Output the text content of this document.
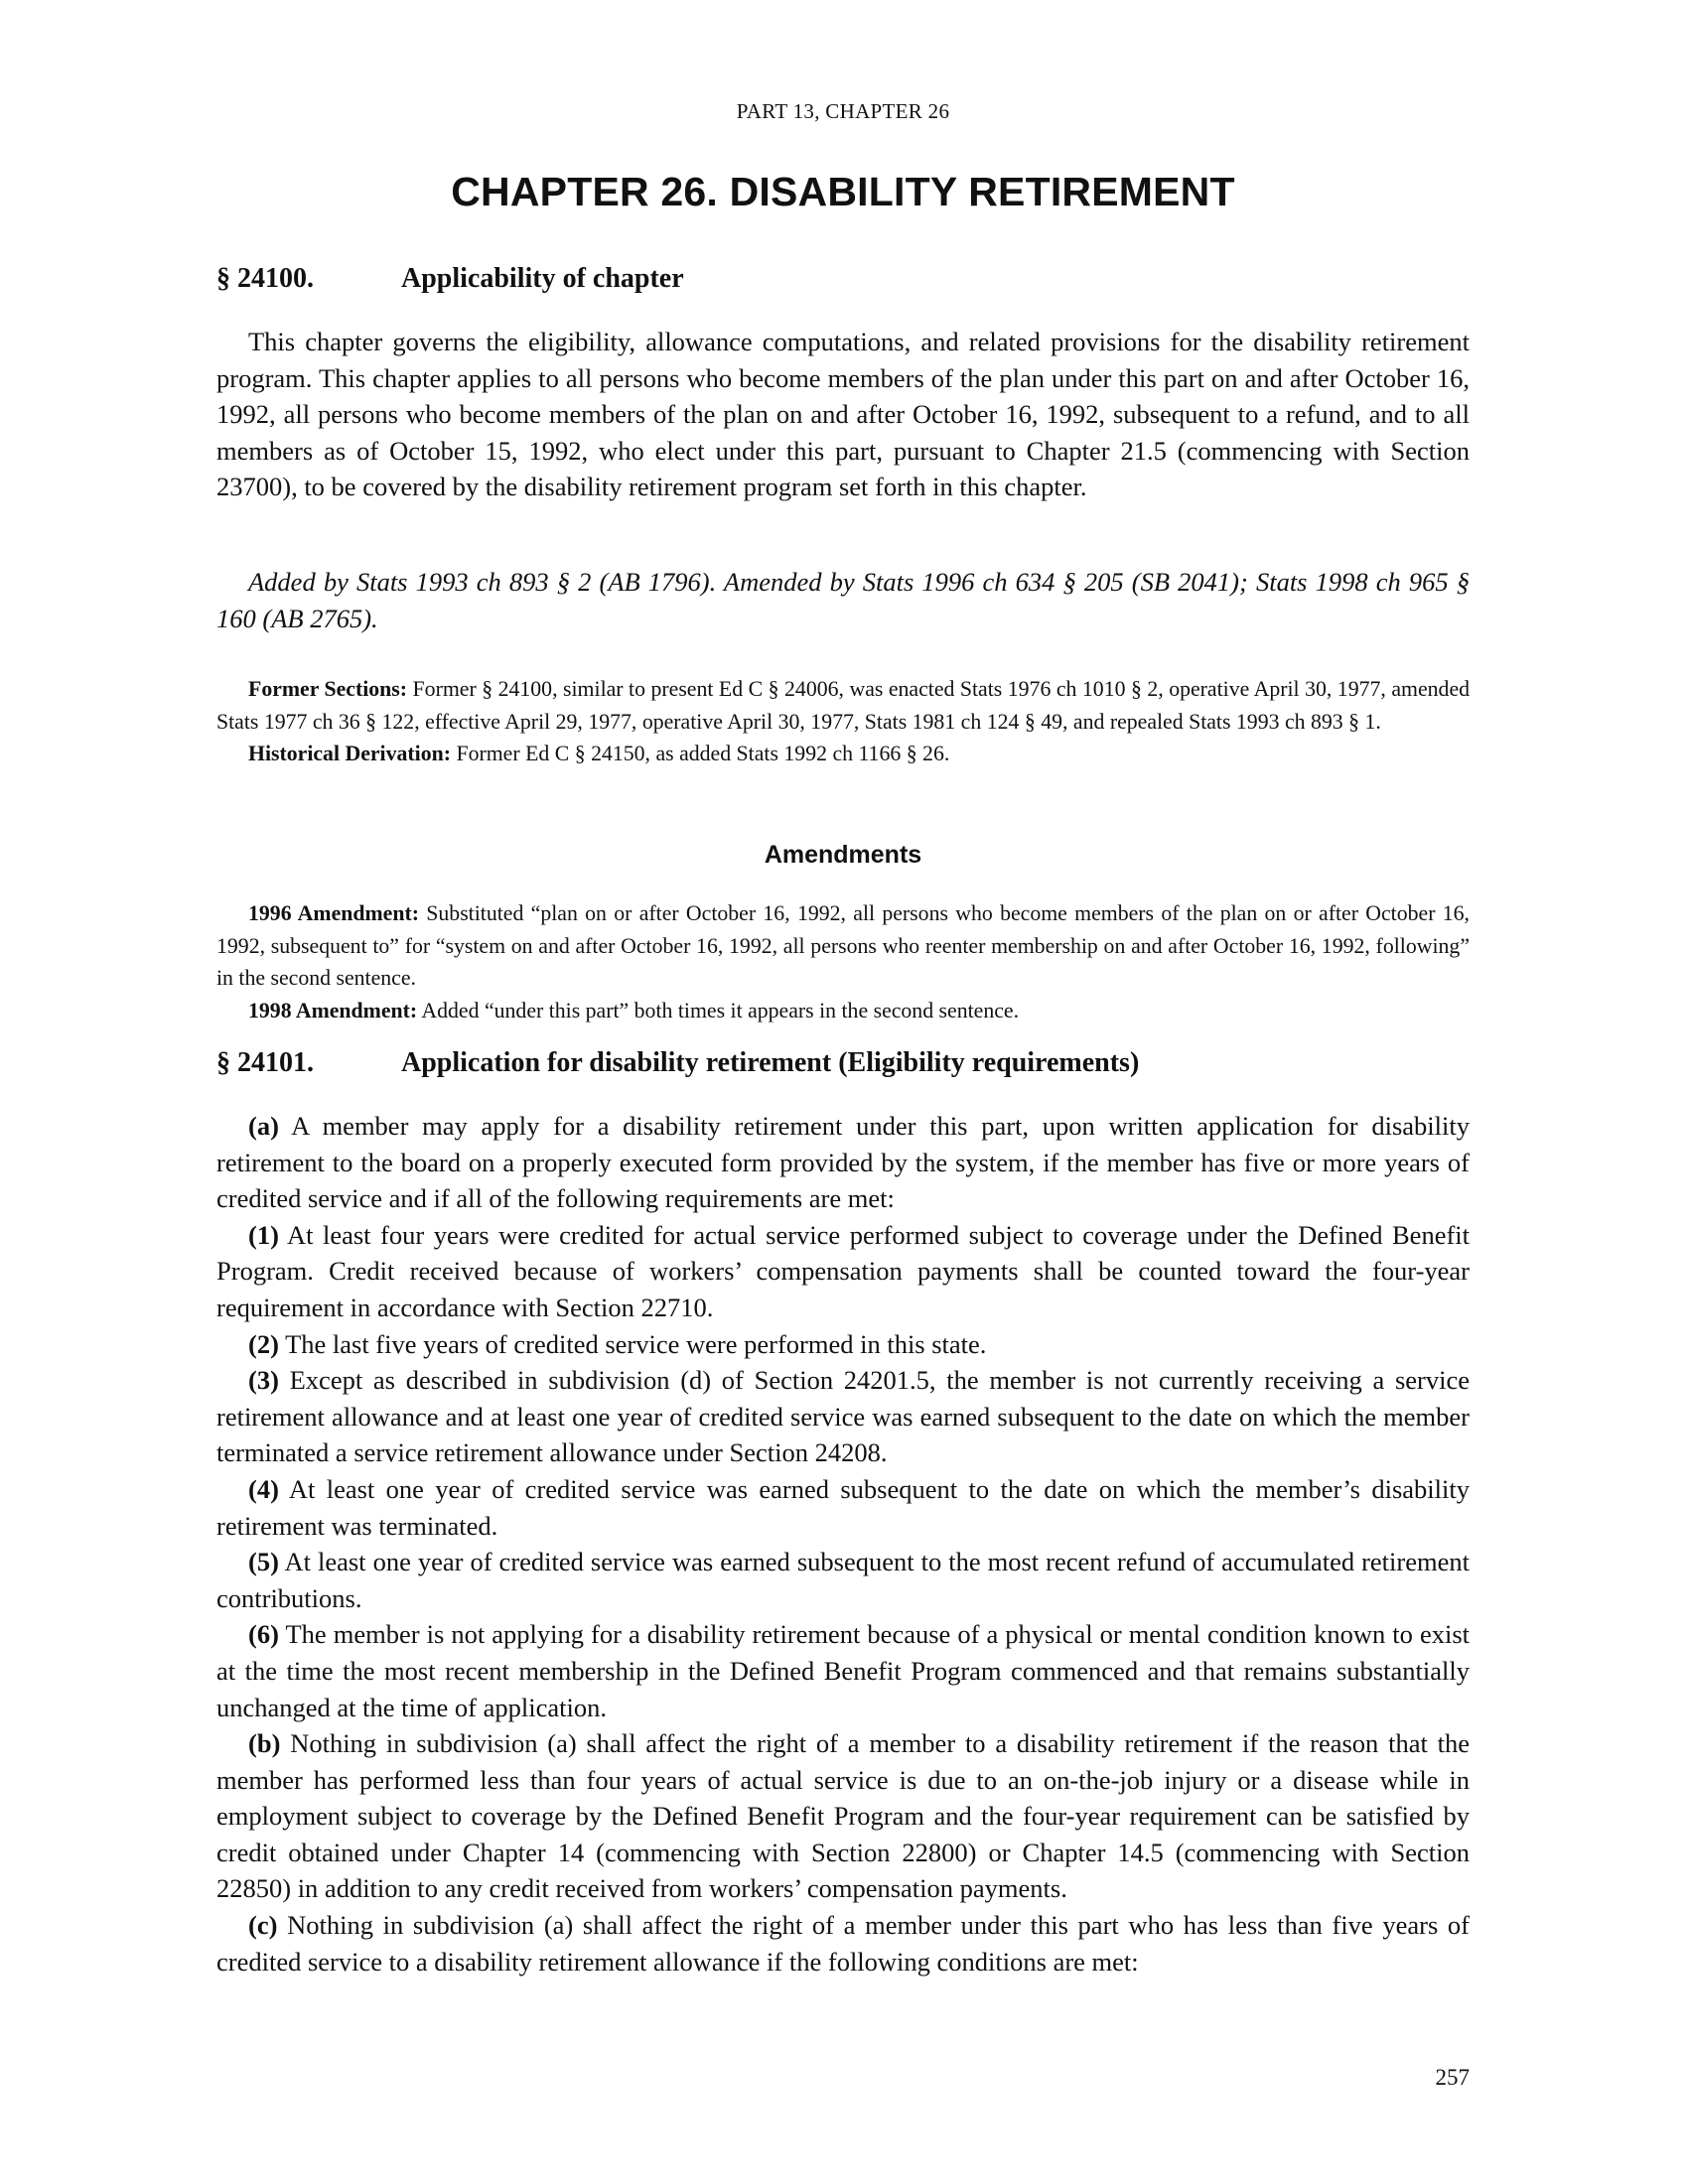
PART 13, CHAPTER 26
CHAPTER 26. DISABILITY RETIREMENT
§ 24100.	Applicability of chapter

This chapter governs the eligibility, allowance computations, and related provisions for the disability retirement program. This chapter applies to all persons who become members of the plan under this part on and after October 16, 1992, all persons who become members of the plan on and after October 16, 1992, subsequent to a refund, and to all members as of October 15, 1992, who elect under this part, pursuant to Chapter 21.5 (commencing with Section 23700), to be covered by the disability retirement program set forth in this chapter.

Added by Stats 1993 ch 893 § 2 (AB 1796). Amended by Stats 1996 ch 634 § 205 (SB 2041); Stats 1998 ch 965 § 160 (AB 2765).

Former Sections: Former § 24100, similar to present Ed C § 24006, was enacted Stats 1976 ch 1010 § 2, operative April 30, 1977, amended Stats 1977 ch 36 § 122, effective April 29, 1977, operative April 30, 1977, Stats 1981 ch 124 § 49, and repealed Stats 1993 ch 893 § 1.

Historical Derivation: Former Ed C § 24150, as added Stats 1992 ch 1166 § 26.

Amendments

1996 Amendment: Substituted “plan on or after October 16, 1992, all persons who become members of the plan on or after October 16, 1992, subsequent to” for “system on and after October 16, 1992, all persons who reenter membership on and after October 16, 1992, following” in the second sentence.

1998 Amendment: Added “under this part” both times it appears in the second sentence.

§ 24101.	Application for disability retirement (Eligibility requirements)

(a) A member may apply for a disability retirement under this part, upon written application for disability retirement to the board on a properly executed form provided by the system, if the member has five or more years of credited service and if all of the following requirements are met:

(1) At least four years were credited for actual service performed subject to coverage under the Defined Benefit Program. Credit received because of workers’ compensation payments shall be counted toward the four-year requirement in accordance with Section 22710.

(2) The last five years of credited service were performed in this state.

(3) Except as described in subdivision (d) of Section 24201.5, the member is not currently receiving a service retirement allowance and at least one year of credited service was earned subsequent to the date on which the member terminated a service retirement allowance under Section 24208.

(4) At least one year of credited service was earned subsequent to the date on which the member’s disability retirement was terminated.

(5) At least one year of credited service was earned subsequent to the most recent refund of accumulated retirement contributions.

(6) The member is not applying for a disability retirement because of a physical or mental condition known to exist at the time the most recent membership in the Defined Benefit Program commenced and that remains substantially unchanged at the time of application.

(b) Nothing in subdivision (a) shall affect the right of a member to a disability retirement if the reason that the member has performed less than four years of actual service is due to an on-the-job injury or a disease while in employment subject to coverage by the Defined Benefit Program and the four-year requirement can be satisfied by credit obtained under Chapter 14 (commencing with Section 22800) or Chapter 14.5 (commencing with Section 22850) in addition to any credit received from workers’ compensation payments.

(c) Nothing in subdivision (a) shall affect the right of a member under this part who has less than five years of credited service to a disability retirement allowance if the following conditions are met:

257
